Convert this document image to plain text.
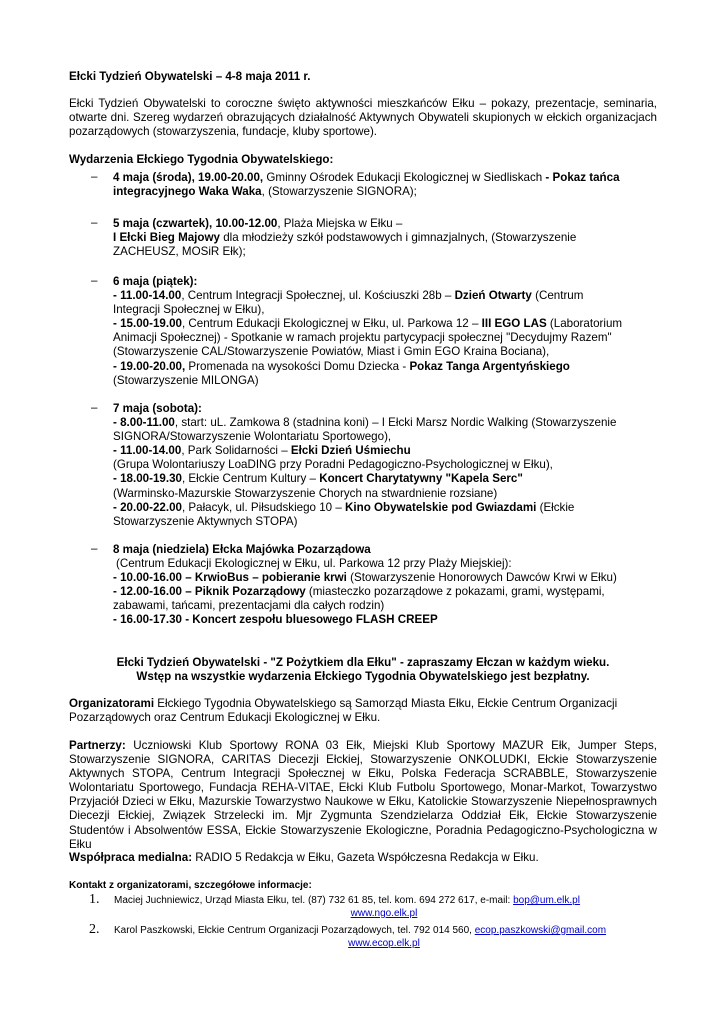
Ełcki Tydzień Obywatelski – 4-8 maja 2011 r.
Ełcki Tydzień Obywatelski to coroczne święto aktywności mieszkańców Ełku – pokazy, prezentacje, seminaria, otwarte dni. Szereg wydarzeń obrazujących działalność Aktywnych Obywateli skupionych w ełckich organizacjach pozarządowych (stowarzyszenia, fundacje, kluby sportowe).
Wydarzenia Ełckiego Tygodnia Obywatelskiego:
– 4 maja (środa), 19.00-20.00, Gminny Ośrodek Edukacji Ekologicznej w Siedliskach - Pokaz tańca
integracyjnego Waka Waka, (Stowarzyszenie SIGNORA);
– 5 maja (czwartek), 10.00-12.00, Plaża Miejska w Ełku –
I Ełcki Bieg Majowy dla młodzieży szkół podstawowych i gimnazjalnych, (Stowarzyszenie
ZACHEUSZ, MOSiR Ełk);
– 6 maja (piątek):
- 11.00-14.00, Centrum Integracji Społecznej, ul. Kościuszki 28b – Dzień Otwarty (Centrum
Integracji Społecznej w Ełku),
- 15.00-19.00, Centrum Edukacji Ekologicznej w Ełku, ul. Parkowa 12 – III EGO LAS (Laboratorium
Animacji Społecznej) - Spotkanie w ramach projektu partycypacji społecznej "Decydujmy Razem"
(Stowarzyszenie CAL/Stowarzyszenie Powiatów, Miast i Gmin EGO Kraina Bociana),
- 19.00-20.00, Promenada na wysokości Domu Dziecka - Pokaz Tanga Argentyńskiego
(Stowarzyszenie MILONGA)
– 7 maja (sobota):
- 8.00-11.00, start: uL. Zamkowa 8 (stadnina koni) – I Ełcki Marsz Nordic Walking (Stowarzyszenie
SIGNORA/Stowarzyszenie Wolontariatu Sportowego),
- 11.00-14.00, Park Solidarności – Ełcki Dzień Uśmiechu
(Grupa Wolontariuszy LoaDING przy Poradni Pedagogiczno-Psychologicznej w Ełku),
- 18.00-19.30, Ełckie Centrum Kultury – Koncert Charytatywny "Kapela Serc"
(Warminsko-Mazurskie Stowarzyszenie Chorych na stwardnienie rozsiane)
- 20.00-22.00, Pałacyk, ul. Piłsudskiego 10 – Kino Obywatelskie pod Gwiazdami (Ełckie
Stowarzyszenie Aktywnych STOPA)
– 8 maja (niedziela) Ełcka Majówka Pozarządowa
(Centrum Edukacji Ekologicznej w Ełku, ul. Parkowa 12 przy Plaży Miejskiej):
- 10.00-16.00 – KrwioBus – pobieranie krwi (Stowarzyszenie Honorowych Dawców Krwi w Ełku)
- 12.00-16.00 – Piknik Pozarządowy (miasteczko pozarządowe z pokazami, grami, występami,
zabawami, tańcami, prezentacjami dla całych rodzin)
- 16.00-17.30 - Koncert zespołu bluesowego FLASH CREEP
Ełcki Tydzień Obywatelski - "Z Pożytkiem dla Ełku" - zapraszamy Ełczan w każdym wieku.
Wstęp na wszystkie wydarzenia Ełckiego Tygodnia Obywatelskiego jest bezpłatny.
Organizatorami Ełckiego Tygodnia Obywatelskiego są Samorząd Miasta Ełku, Ełckie Centrum Organizacji Pozarządowych oraz Centrum Edukacji Ekologicznej w Ełku.
Partnerzy: Uczniowski Klub Sportowy RONA 03 Ełk, Miejski Klub Sportowy MAZUR Ełk, Jumper Steps, Stowarzyszenie SIGNORA, CARITAS Diecezji Ełckiej, Stowarzyszenie ONKOLUDKI, Ełckie Stowarzyszenie Aktywnych STOPA, Centrum Integracji Społecznej w Ełku, Polska Federacja SCRABBLE, Stowarzyszenie Wolontariatu Sportowego, Fundacja REHA-VITAE, Ełcki Klub Futbolu Sportowego, Monar-Markot, Towarzystwo Przyjaciół Dzieci w Ełku, Mazurskie Towarzystwo Naukowe w Ełku, Katolickie Stowarzyszenie Niepełnosprawnych Diecezji Ełckiej, Związek Strzelecki im. Mjr Zygmunta Szendzielarza Oddział Ełk, Ełckie Stowarzyszenie Studentów i Absolwentów ESSA, Ełckie Stowarzyszenie Ekologiczne, Poradnia Pedagogiczno-Psychologiczna w Ełku
Współpraca medialna: RADIO 5 Redakcja w Ełku, Gazeta Współczesna Redakcja w Ełku.
Kontakt z organizatorami, szczegółowe informacje:
1. Maciej Juchniewicz, Urząd Miasta Ełku, tel. (87) 732 61 85, tel. kom. 694 272 617, e-mail: bop@um.elk.pl
www.ngo.elk.pl
2. Karol Paszkowski, Ełckie Centrum Organizacji Pozarządowych, tel. 792 014 560, ecop.paszkowski@gmail.com
www.ecop.elk.pl
